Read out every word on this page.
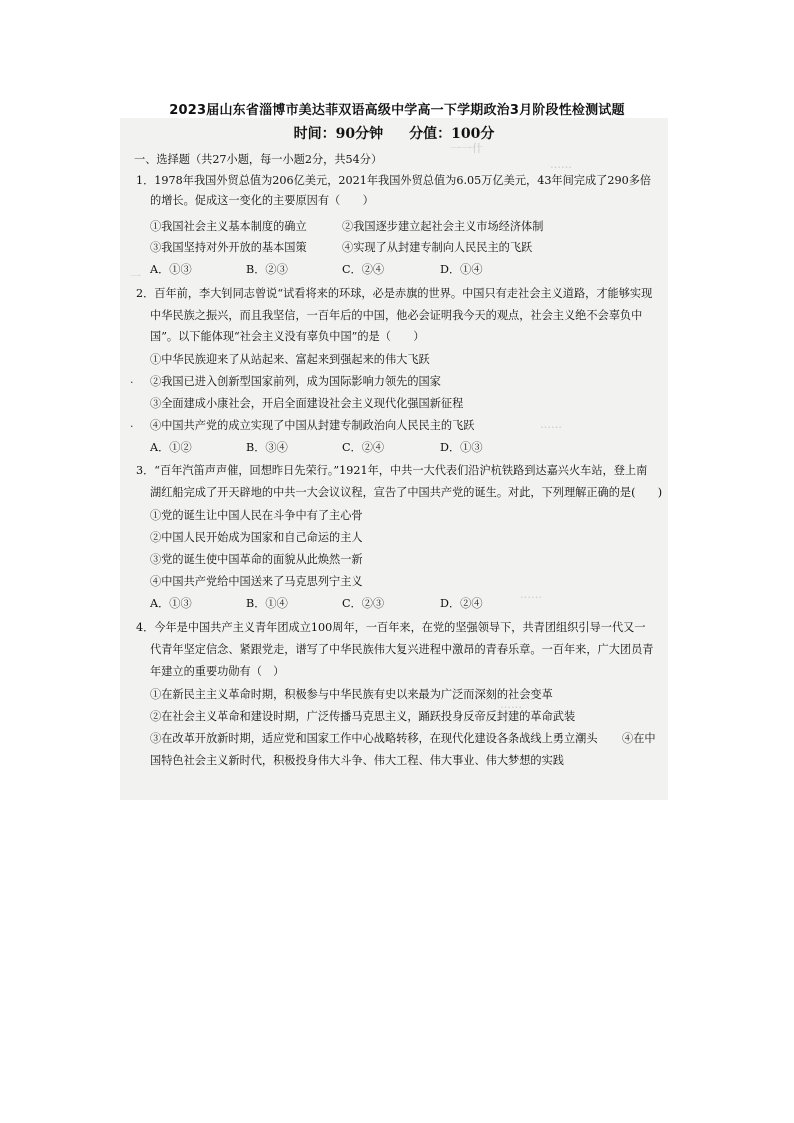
2023届山东省淄博市美达菲双语高级中学高一下学期政治3月阶段性检测试题
一一什
……
一
……
……
……
时间：90分钟 分值：100分
一、选择题（共27小题，每一小题2分，共54分）
1．1978年我国外贸总值为206亿美元，2021年我国外贸总值为6.05万亿美元，43年间完成了290多倍
的增长。促成这一变化的主要原因有（　　）
①我国社会主义基本制度的确立	②我国逐步建立起社会主义市场经济体制
③我国坚持对外开放的基本国策	④实现了从封建专制向人民民主的飞跃
A．①③	B．②③	C．②④	D．①④
2．百年前，李大钊同志曾说“试看将来的环球，必是赤旗的世界。中国只有走社会主义道路，才能够实现
中华民族之振兴，而且我坚信，一百年后的中国，他必会证明我今天的观点，社会主义绝不会辜负中
国”。以下能体现“社会主义没有辜负中国”的是（　　）
①中华民族迎来了从站起来、富起来到强起来的伟大飞跃
②我国已进入创新型国家前列，成为国际影响力领先的国家
·
③全面建成小康社会，开启全面建设社会主义现代化强国新征程
④中国共产党的成立实现了中国从封建专制政治向人民民主的飞跃
·
A．①②	B．③④	C．②④	D．①③
3．“百年汽笛声声催，回想昨日先荣行。”1921年，中共一大代表们沿沪杭铁路到达嘉兴火车站，登上南
湖红船完成了开天辟地的中共一大会议议程，宣告了中国共产党的诞生。对此，下列理解正确的是(　　)
①党的诞生让中国人民在斗争中有了主心骨
②中国人民开始成为国家和自己命运的主人
③党的诞生使中国革命的面貌从此焕然一新
④中国共产党给中国送来了马克思列宁主义
A．①③	B．①④	C．②③	D．②④
4．今年是中国共产主义青年团成立100周年，一百年来，在党的坚强领导下，共青团组织引导一代又一
代青年坚定信念、紧跟党走，谱写了中华民族伟大复兴进程中激昂的青春乐章。一百年来，广大团员青
年建立的重要功勋有（　）
①在新民主主义革命时期，积极参与中华民族有史以来最为广泛而深刻的社会变革
②在社会主义革命和建设时期，广泛传播马克思主义，踊跃投身反帝反封建的革命武装
③在改革开放新时期，适应党和国家工作中心战略转移，在现代化建设各条战线上勇立潮头 ④在中
国特色社会主义新时代，积极投身伟大斗争、伟大工程、伟大事业、伟大梦想的实践
